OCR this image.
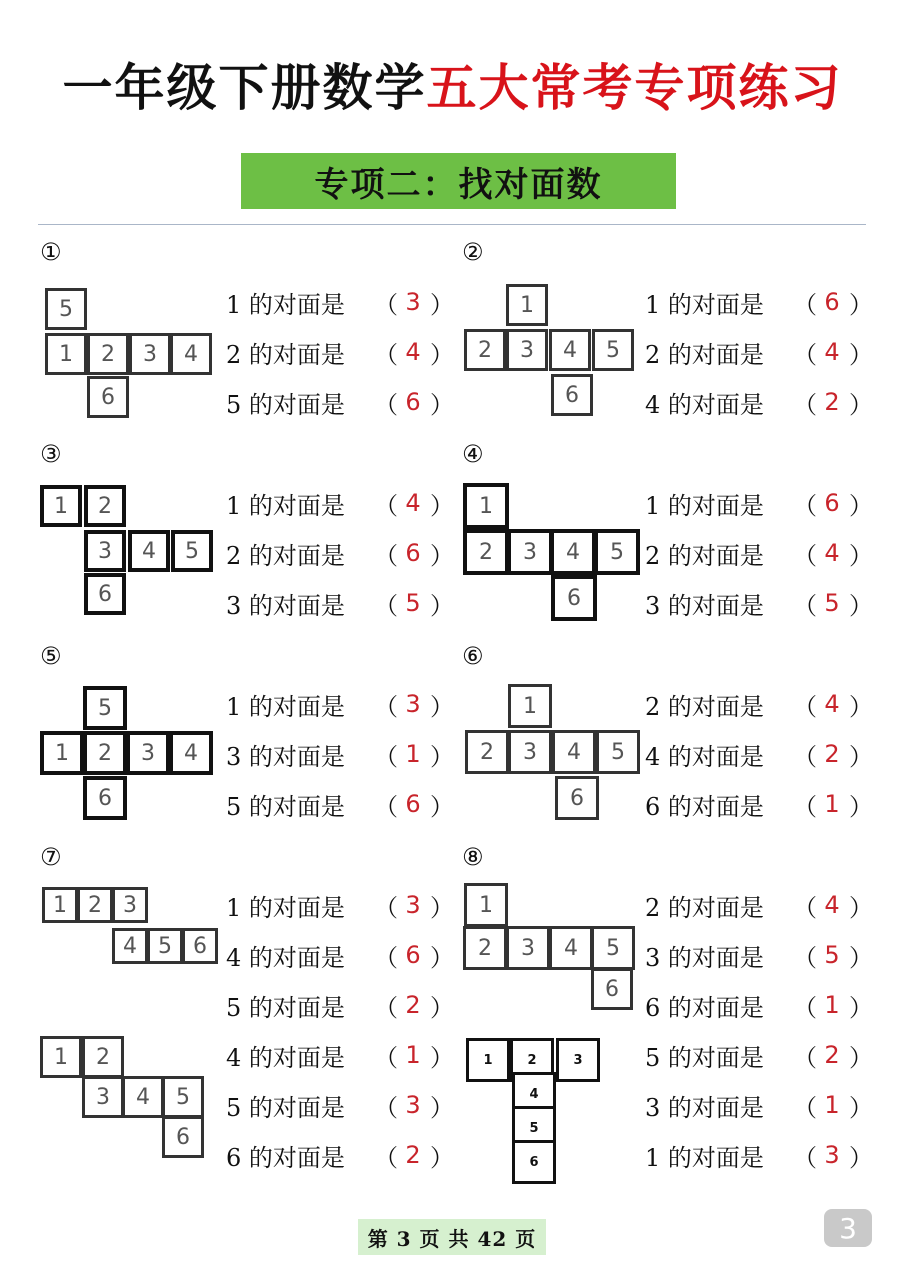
一年级下册数学五大常考专项练习
专项二：找对面数
①
5
1	2	3	4
6
1 的对面是	（ 3 ）
2 的对面是	（ 4 ）
5 的对面是	（ 6 ）
②
1
2	3	4	5
6
1 的对面是	（ 6 ）
2 的对面是	（ 4 ）
4 的对面是	（ 2 ）
③
1	2
3	4	5
6
1 的对面是	（ 4 ）
2 的对面是	（ 6 ）
3 的对面是	（ 5 ）
④
1
2	3	4	5
6
1 的对面是	（ 6 ）
2 的对面是	（ 4 ）
3 的对面是	（ 5 ）
⑤
5
1	2	3	4
6
1 的对面是	（ 3 ）
3 的对面是	（ 1 ）
5 的对面是	（ 6 ）
⑥
1
2	3	4	5
6
2 的对面是	（ 4 ）
4 的对面是	（ 2 ）
6 的对面是	（ 1 ）
⑦
1 2 3
4 5 6
1 的对面是	（ 3 ）
4 的对面是	（ 6 ）
5 的对面是	（ 2 ）
⑧
1
2	3	4	5
6
2 的对面是	（ 4 ）
3 的对面是	（ 5 ）
6 的对面是	（ 1 ）
1	2
3	4	5
6
4 的对面是	（ 1 ）
5 的对面是	（ 3 ）
6 的对面是	（ 2 ）
1	2	3
4
5
6
5 的对面是	（ 2 ）
3 的对面是	（ 1 ）
1 的对面是	（ 3 ）
第 3 页 共 42 页	3
